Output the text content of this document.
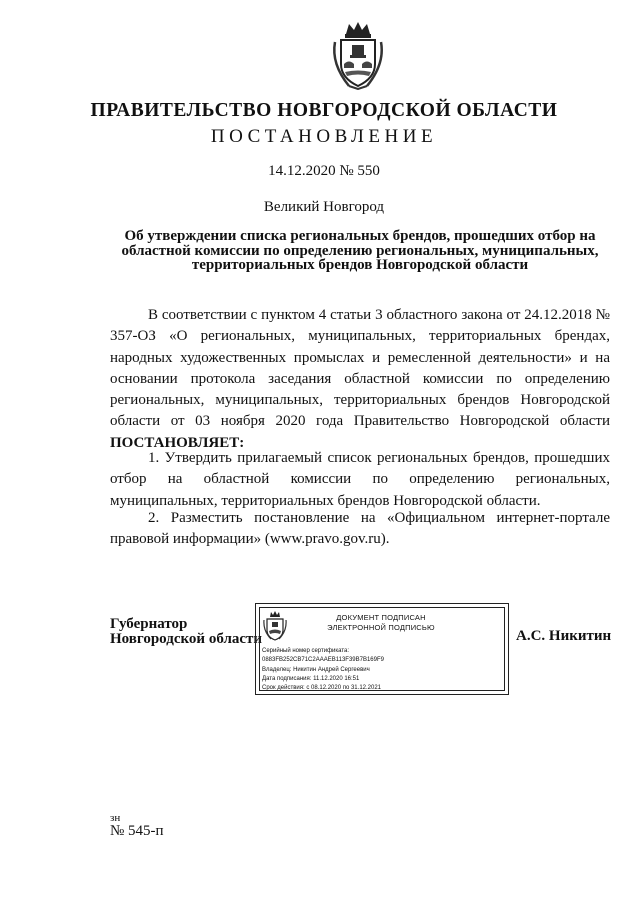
ПРАВИТЕЛЬСТВО НОВГОРОДСКОЙ ОБЛАСТИ
ПОСТАНОВЛЕНИЕ
14.12.2020 № 550
Великий Новгород
Об утверждении списка региональных брендов, прошедших отбор на областной комиссии по определению региональных, муниципальных, территориальных брендов Новгородской области

В соответствии с пунктом 4 статьи 3 областного закона от 24.12.2018 № 357-ОЗ «О региональных, муниципальных, территориальных брендах, народных художественных промыслах и ремесленной деятельности» и на основании протокола заседания областной комиссии по определению региональных, муниципальных, территориальных брендов Новгородской области от 03 ноября 2020 года Правительство Новгородской области ПОСТАНОВЛЯЕТ:

1. Утвердить прилагаемый список региональных брендов, прошедших отбор на областной комиссии по определению региональных, муниципальных, территориальных брендов Новгородской области.

2. Разместить постановление на «Официальном интернет-портале правовой информации» (www.pravo.gov.ru).

Губернатор
Новгородской области
ДОКУМЕНТ ПОДПИСАН
ЭЛЕКТРОННОЙ ПОДПИСЬЮ
Серийный номер сертификата:
0883FB252CB71C2AAAEB113F39B7B169F9
Владелец: Никитин Андрей Сергеевич
Дата подписания: 11.12.2020 16:51
Срок действия: с 08.12.2020 по 31.12.2021
А.С. Никитин
зн
№ 545-п
